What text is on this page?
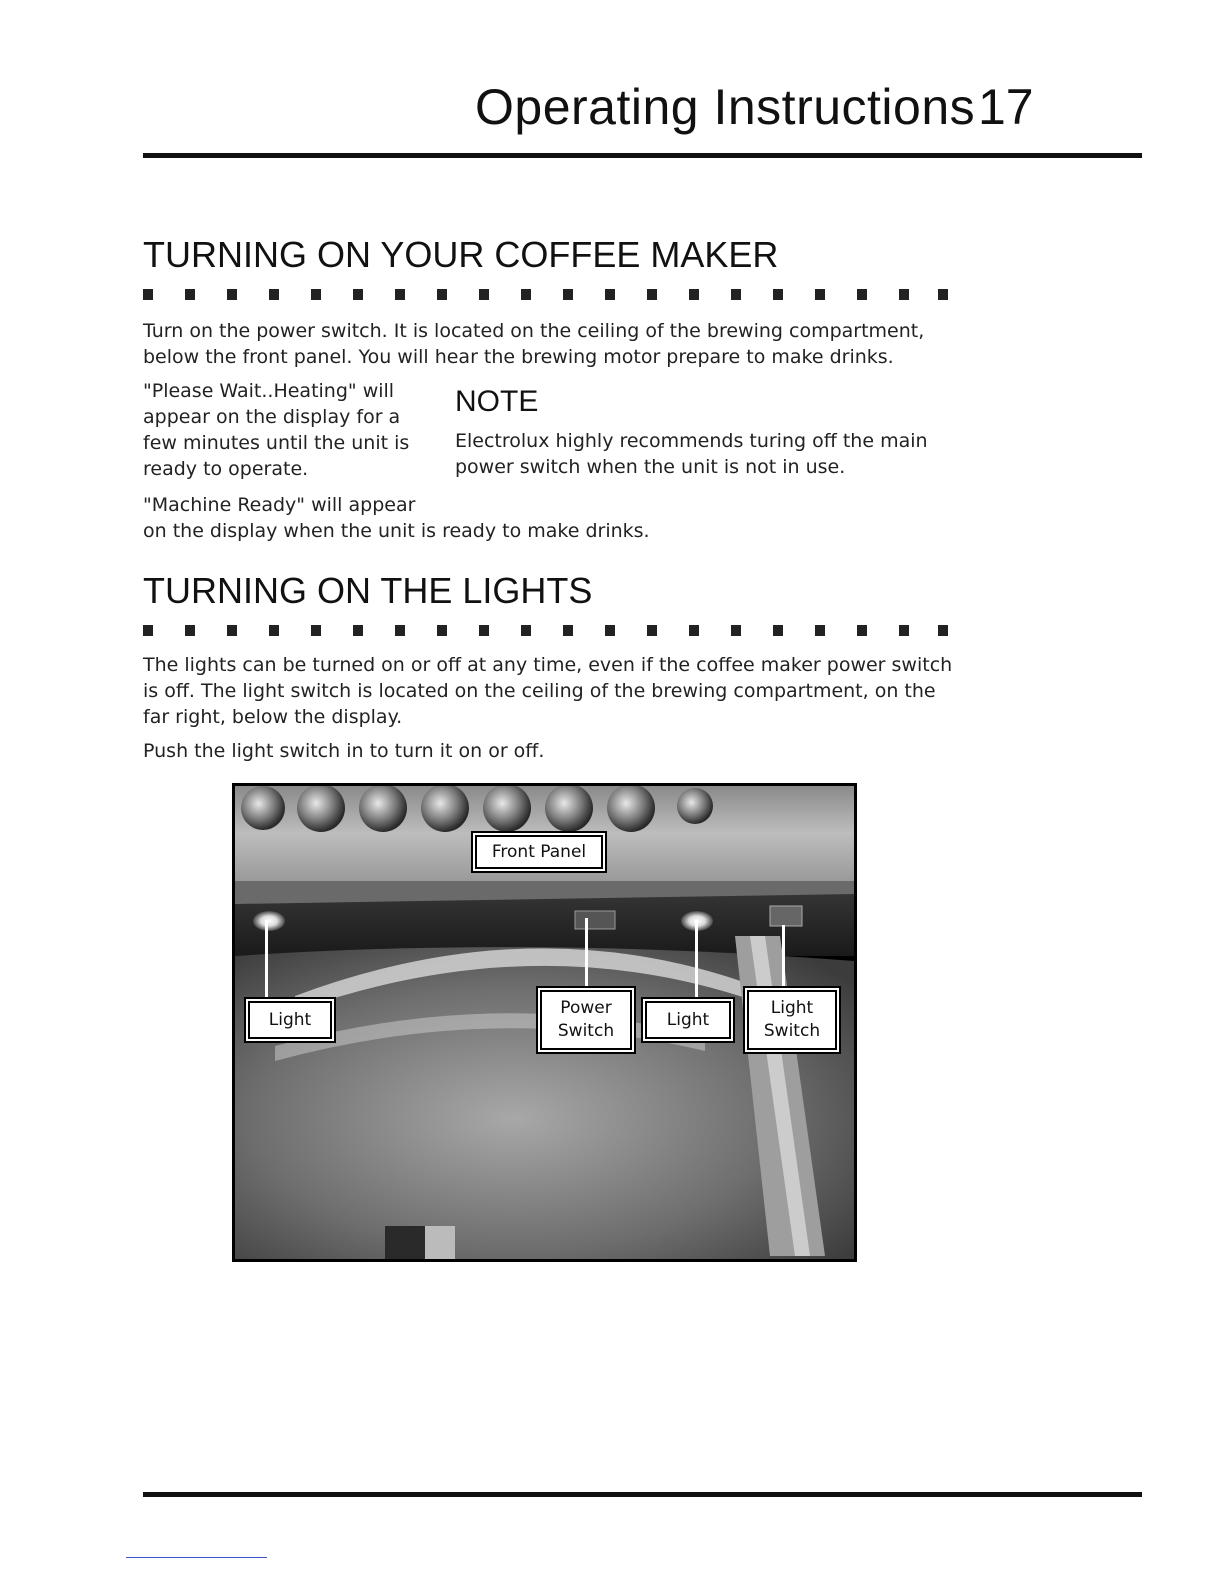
Operating Instructions 17
TURNING ON YOUR COFFEE MAKER

Turn on the power switch. It is located on the ceiling of the brewing compartment, below the front panel. You will hear the brewing motor prepare to make drinks.

"Please Wait..Heating" will appear on the display for a few minutes until the unit is ready to operate.

NOTE

Electrolux highly recommends turing off the main power switch when the unit is not in use.

"Machine Ready" will appear

on the display when the unit is ready to make drinks.

TURNING ON THE LIGHTS

The lights can be turned on or off at any time, even if the coffee maker power switch is off. The light switch is located on the ceiling of the brewing compartment, on the far right, below the display.

Push the light switch in to turn it on or off.

Front Panel
Light
Power
Switch
Light
Light
Switch
